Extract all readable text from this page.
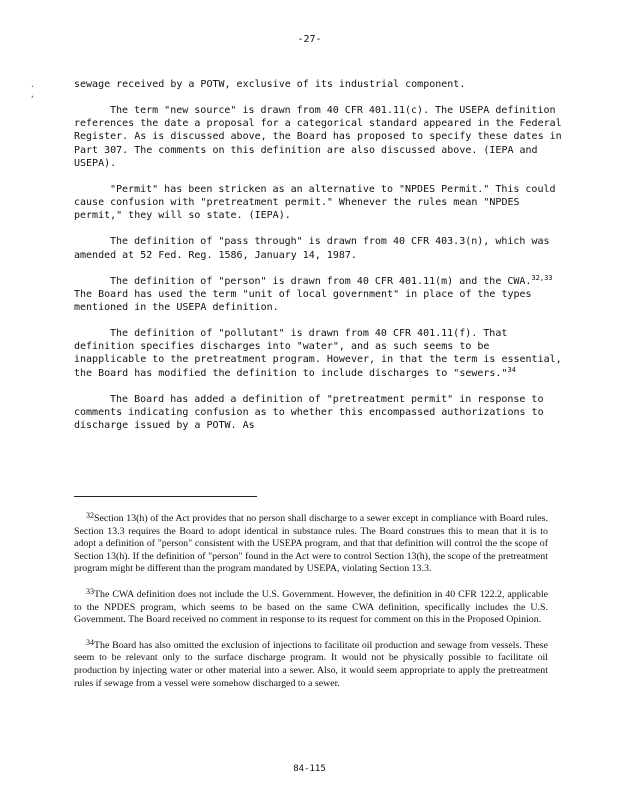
-27-
.
,

sewage received by a POTW, exclusive of its industrial component.

The term "new source" is drawn from 40 CFR 401.11(c). The USEPA definition references the date a proposal for a categorical standard appeared in the Federal Register. As is discussed above, the Board has proposed to specify these dates in Part 307. The comments on this definition are also discussed above. (IEPA and USEPA).

"Permit" has been stricken as an alternative to "NPDES Permit." This could cause confusion with "pretreatment permit." Whenever the rules mean "NPDES permit," they will so state. (IEPA).

The definition of "pass through" is drawn from 40 CFR 403.3(n), which was amended at 52 Fed. Reg. 1586, January 14, 1987.

The definition of "person" is drawn from 40 CFR 401.11(m) and the CWA.$^{32,33}$ The Board has used the term "unit of local government" in place of the types mentioned in the USEPA definition.

The definition of "pollutant" is drawn from 40 CFR 401.11(f). That definition specifies discharges into "water", and as such seems to be inapplicable to the pretreatment program. However, in that the term is essential, the Board has modified the definition to include discharges to "sewers."$^{34}$

The Board has added a definition of "pretreatment permit" in response to comments indicating confusion as to whether this encompassed authorizations to discharge issued by a POTW. As

$^{32}$Section 13(h) of the Act provides that no person shall discharge to a sewer except in compliance with Board rules. Section 13.3 requires the Board to adopt identical in substance rules. The Board construes this to mean that it is to adopt a definition of "person" consistent with the USEPA program, and that that definition will control the the scope of Section 13(h). If the definition of "person" found in the Act were to control Section 13(h), the scope of the pretreatment program might be different than the program mandated by USEPA, violating Section 13.3.

$^{33}$The CWA definition does not include the U.S. Government. However, the definition in 40 CFR 122.2, applicable to the NPDES program, which seems to be based on the same CWA definition, specifically includes the U.S. Government. The Board received no comment in response to its request for comment on this in the Proposed Opinion.

$^{34}$The Board has also omitted the exclusion of injections to facilitate oil production and sewage from vessels. These seem to be relevant only to the surface discharge program. It would not be physically possible to facilitate oil production by injecting water or other material into a sewer. Also, it would seem appropriate to apply the pretreatment rules if sewage from a vessel were somehow discharged to a sewer.

84-115
